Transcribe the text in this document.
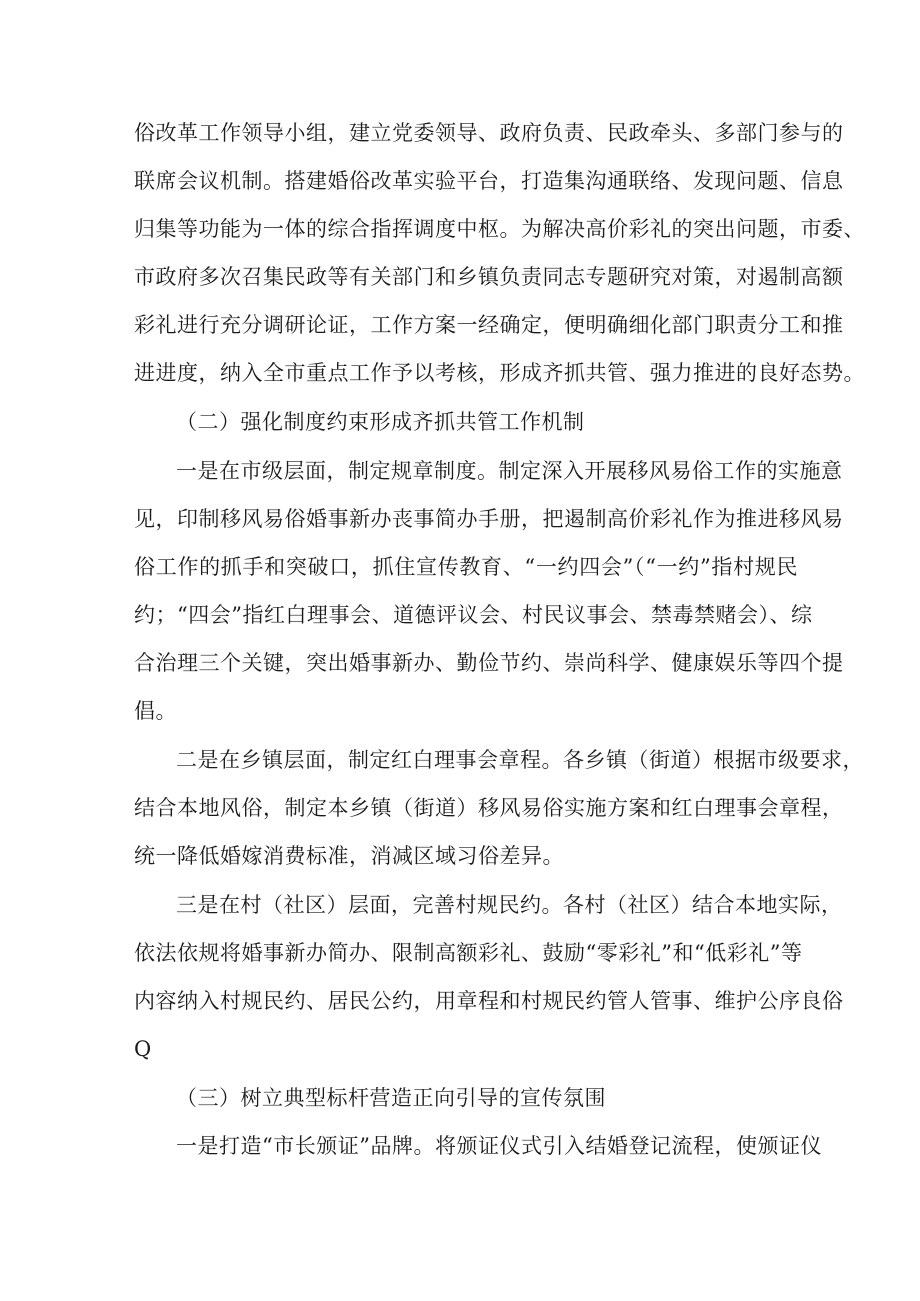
俗改革工作领导小组，建立党委领导、政府负责、民政牵头、多部门参与的
联席会议机制。搭建婚俗改革实验平台，打造集沟通联络、发现问题、信息
归集等功能为一体的综合指挥调度中枢。为解决高价彩礼的突出问题，市委、
市政府多次召集民政等有关部门和乡镇负责同志专题研究对策，对遏制高额
彩礼进行充分调研论证，工作方案一经确定，便明确细化部门职责分工和推
进进度，纳入全市重点工作予以考核，形成齐抓共管、强力推进的良好态势。
（二）强化制度约束形成齐抓共管工作机制
一是在市级层面，制定规章制度。制定深入开展移风易俗工作的实施意
见，印制移风易俗婚事新办丧事简办手册，把遏制高价彩礼作为推进移风易
俗工作的抓手和突破口，抓住宣传教育、“一约四会”（“一约”指村规民
约；“四会”指红白理事会、道德评议会、村民议事会、禁毒禁赌会）、综
合治理三个关键，突出婚事新办、勤俭节约、崇尚科学、健康娱乐等四个提
倡。
二是在乡镇层面，制定红白理事会章程。各乡镇（街道）根据市级要求，
结合本地风俗，制定本乡镇（街道）移风易俗实施方案和红白理事会章程，
统一降低婚嫁消费标准，消减区域习俗差异。
三是在村（社区）层面，完善村规民约。各村（社区）结合本地实际，
依法依规将婚事新办简办、限制高额彩礼、鼓励“零彩礼”和“低彩礼”等
内容纳入村规民约、居民公约，用章程和村规民约管人管事、维护公序良俗
Q
（三）树立典型标杆营造正向引导的宣传氛围
一是打造“市长颁证”品牌。将颁证仪式引入结婚登记流程，使颁证仪
